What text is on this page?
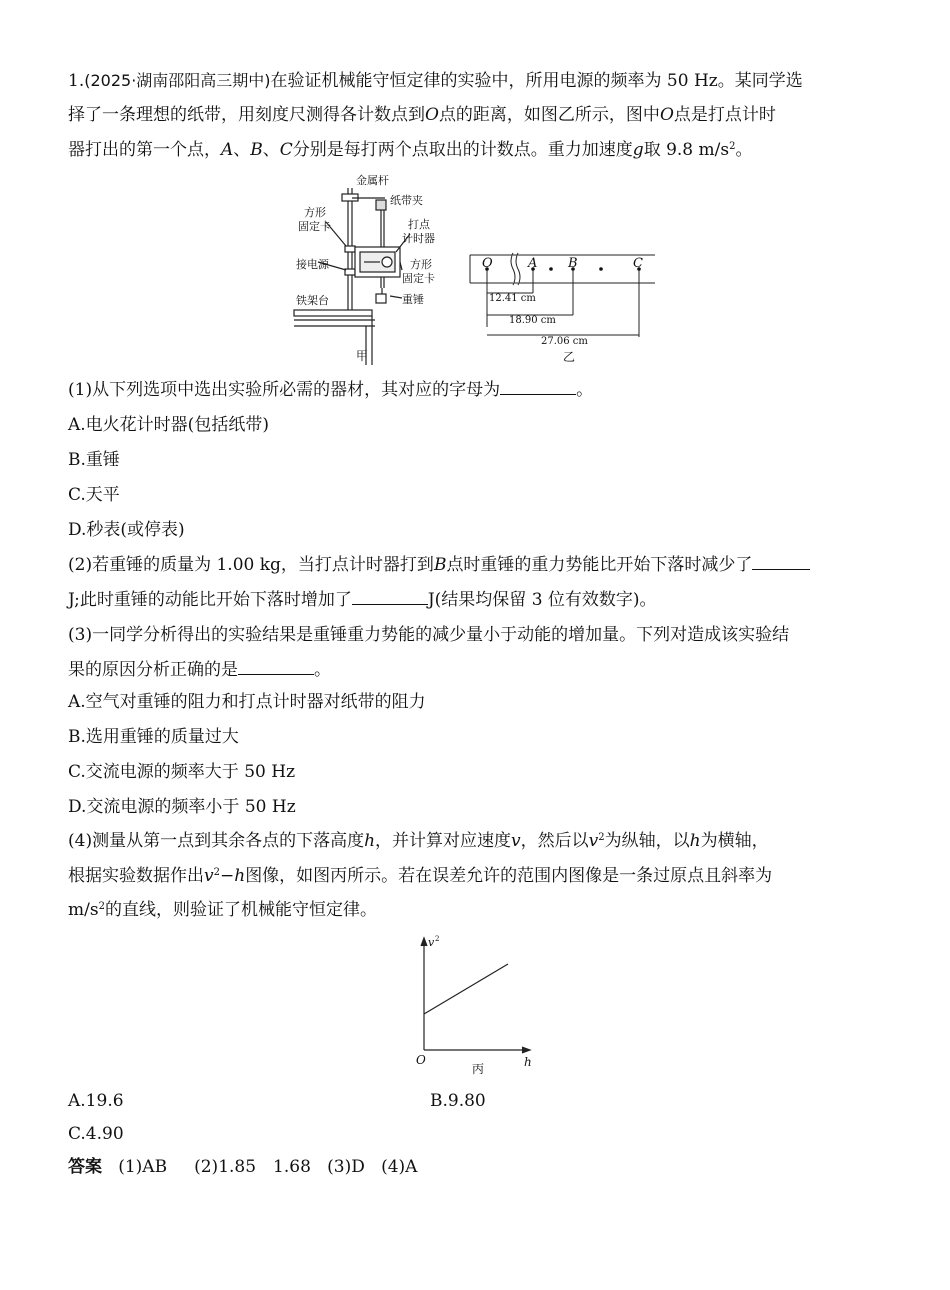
1.(2025·湖南邵阳高三期中)在验证机械能守恒定律的实验中，所用电源的频率为 50 Hz。某同学选
择了一条理想的纸带，用刻度尺测得各计数点到O点的距离，如图乙所示，图中O点是打点计时
器打出的第一个点，A、B、C分别是每打两个点取出的计数点。重力加速度g取 9.8 $m/s^2$。
金属杆
纸带夹
方形
固定卡	打点
计时器
接电源	方形
固定卡
重锤
铁架台
甲
O	A B	C
12.41 cm
18.90 cm
27.06 cm
乙
(1)从下列选项中选出实验所必需的器材，其对应的字母为	。
A.电火花计时器(包括纸带)
B.重锤
C.天平
D.秒表(或停表)
(2)若重锤的质量为 1.00 kg，当打点计时器打到B点时重锤的重力势能比开始下落时减少了
J;此时重锤的动能比开始下落时增加了	J(结果均保留 3 位有效数字)。
(3)一同学分析得出的实验结果是重锤重力势能的减少量小于动能的增加量。下列对造成该实验结
果的原因分析正确的是	。
A.空气对重锤的阻力和打点计时器对纸带的阻力
B.选用重锤的质量过大
C.交流电源的频率大于 50 Hz
D.交流电源的频率小于 50 Hz
(4)测量从第一点到其余各点的下落高度h，并计算对应速度v，然后以$v^2$为纵轴，以h为横轴，
根据实验数据作出$v^2-h$图像，如图丙所示。若在误差允许的范围内图像是一条过原点且斜率为
$m/s^2$的直线，则验证了机械能守恒定律。
v 2
O	h
丙
A.19.6	B.9.80
C.4.90
答案 (1)AB (2)1.85　1.68 (3)D (4)A
